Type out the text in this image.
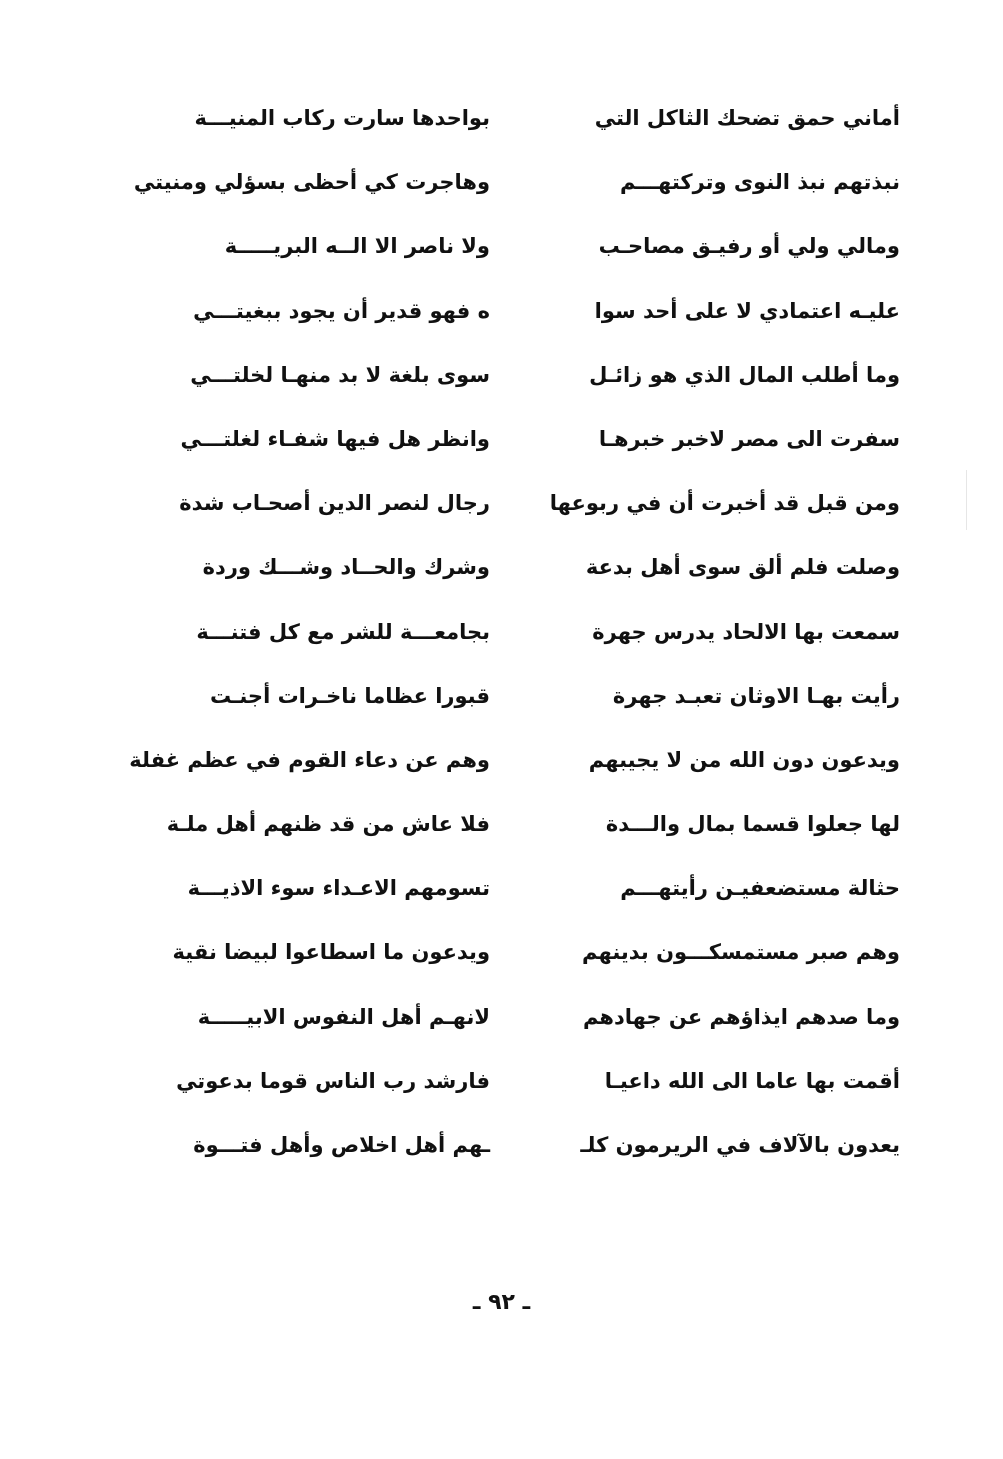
أماني حمق تضحك الثاكل التي
بواحدها سارت ركاب المنيـــة
نبذتهم نبذ النوى وتركتهـــم
وهاجرت كي أحظى بسؤلي ومنيتي
ومالي ولي أو رفيـق مصاحـب
ولا ناصر الا الــه البريـــــة
عليـه اعتمادي لا على أحد سوا
ه فهو قدير أن يجود ببغيتـــي
وما أطلب المال الذي هو زائـل
سوى بلغة لا بد منهـا لخلتـــي
سفرت الى مصر لاخبر خبرهـا
وانظر هل فيها شفـاء لغلتـــي
ومن قبل قد أخبرت أن في ربوعها
رجال لنصر الدين أصحـاب شدة
وصلت فلم ألق سوى أهل بدعة
وشرك والحــاد وشـــك وردة
سمعت بها الالحاد يدرس جهرة
بجامعـــة للشر مع كل فتنـــة
رأيت بهـا الاوثان تعبـد جهرة
قبورا عظاما ناخـرات أجنـت
ويدعون دون الله من لا يجيبهم
وهم عن دعاء القوم في عظم غفلة
لها جعلوا قسما بمال والـــدة
فلا عاش من قد ظنهم أهل ملـة
حثالة مستضعفيـن رأيتهـــم
تسومهم الاعـداء سوء الاذيـــة
وهم صبر مستمسكـــون بدينهم
ويدعون ما اسطاعوا لبيضا نقية
وما صدهم ايذاؤهم عن جهادهم
لانهـم أهل النفوس الابيـــــة
أقمت بها عاما الى الله داعيـا
فارشد رب الناس قوما بدعوتي
يعدون بالآلاف في الريرمون كلـ
ـهم أهل اخلاص وأهل فتـــوة
ـ ٩٢ ـ
